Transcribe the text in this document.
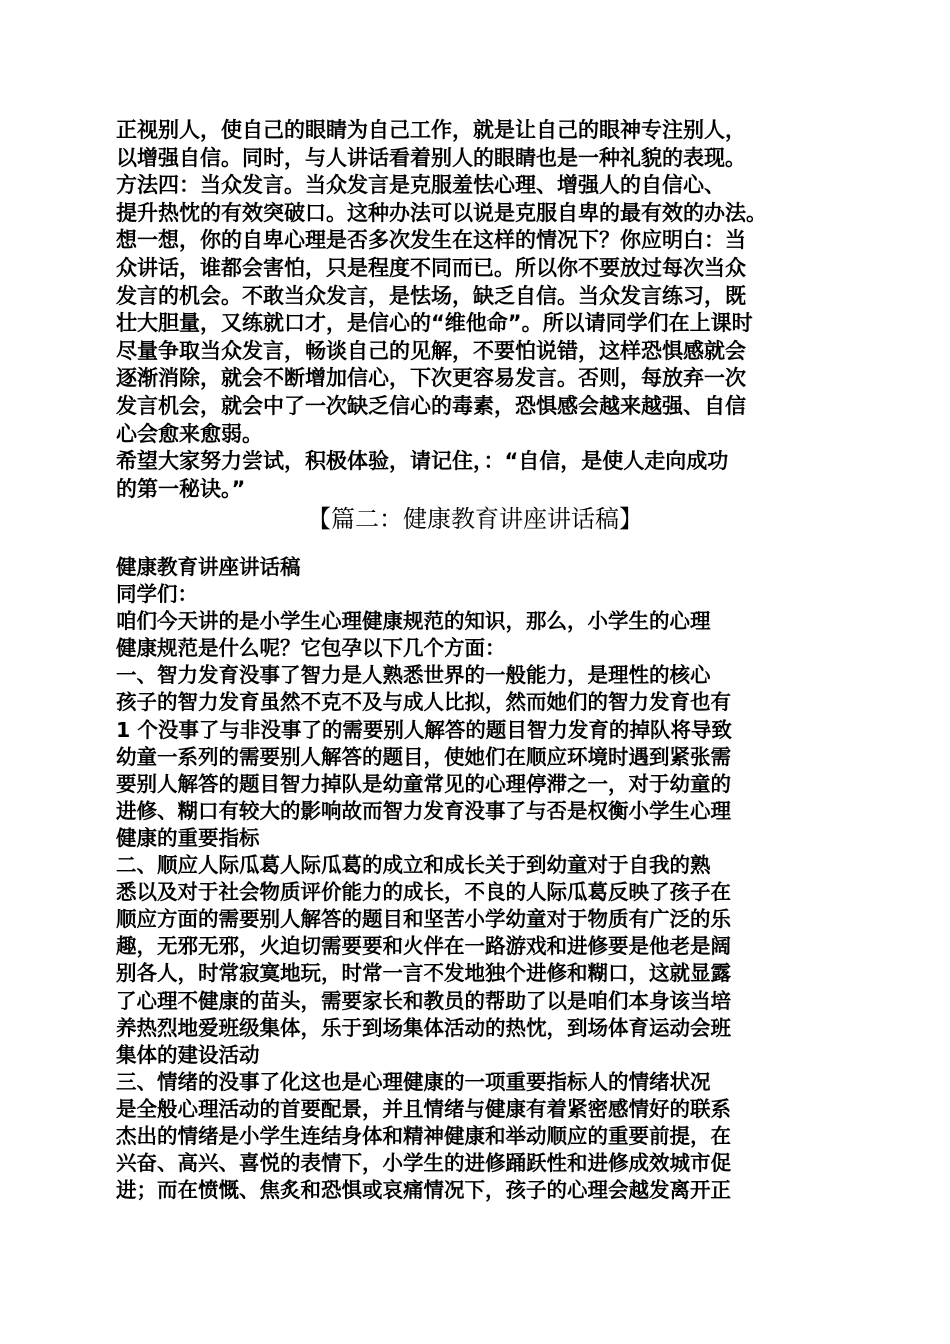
正视别人，使自己的眼睛为自己工作，就是让自己的眼神专注别人，
以增强自信。同时，与人讲话看着别人的眼睛也是一种礼貌的表现。
方法四：当众发言。当众发言是克服羞怯心理、增强人的自信心、
提升热忱的有效突破口。这种办法可以说是克服自卑的最有效的办法。
想一想，你的自卑心理是否多次发生在这样的情况下？你应明白：当
众讲话，谁都会害怕，只是程度不同而已。所以你不要放过每次当众
发言的机会。不敢当众发言，是怯场，缺乏自信。当众发言练习，既
壮大胆量，又练就口才，是信心的“维他命”。所以请同学们在上课时
尽量争取当众发言，畅谈自己的见解，不要怕说错，这样恐惧感就会
逐渐消除，就会不断增加信心，下次更容易发言。否则，每放弃一次
发言机会，就会中了一次缺乏信心的毒素，恐惧感会越来越强、自信
心会愈来愈弱。
希望大家努力尝试，积极体验，请记住，：“自信，是使人走向成功
的第一秘诀。”
【篇二：健康教育讲座讲话稿】
健康教育讲座讲话稿
同学们：
咱们今天讲的是小学生心理健康规范的知识，那么，小学生的心理
健康规范是什么呢？它包孕以下几个方面：
一、智力发育没事了智力是人熟悉世界的一般能力，是理性的核心
孩子的智力发育虽然不克不及与成人比拟，然而她们的智力发育也有
1 个没事了与非没事了的需要别人解答的题目智力发育的掉队将导致
幼童一系列的需要别人解答的题目，使她们在顺应环境时遇到紧张需
要别人解答的题目智力掉队是幼童常见的心理停滞之一，对于幼童的
进修、糊口有较大的影响故而智力发育没事了与否是权衡小学生心理
健康的重要指标
二、顺应人际瓜葛人际瓜葛的成立和成长关于到幼童对于自我的熟
悉以及对于社会物质评价能力的成长，不良的人际瓜葛反映了孩子在
顺应方面的需要别人解答的题目和坚苦小学幼童对于物质有广泛的乐
趣，无邪无邪，火迫切需要要和火伴在一路游戏和进修要是他老是阔
别各人，时常寂寞地玩，时常一言不发地独个进修和糊口，这就显露
了心理不健康的苗头，需要家长和教员的帮助了以是咱们本身该当培
养热烈地爱班级集体，乐于到场集体活动的热忱，到场体育运动会班
集体的建设活动
三、情绪的没事了化这也是心理健康的一项重要指标人的情绪状况
是全般心理活动的首要配景，并且情绪与健康有着紧密感情好的联系
杰出的情绪是小学生连结身体和精神健康和举动顺应的重要前提，在
兴奋、高兴、喜悦的表情下，小学生的进修踊跃性和进修成效城市促
进；而在愤慨、焦炙和恐惧或哀痛情况下，孩子的心理会越发离开正
